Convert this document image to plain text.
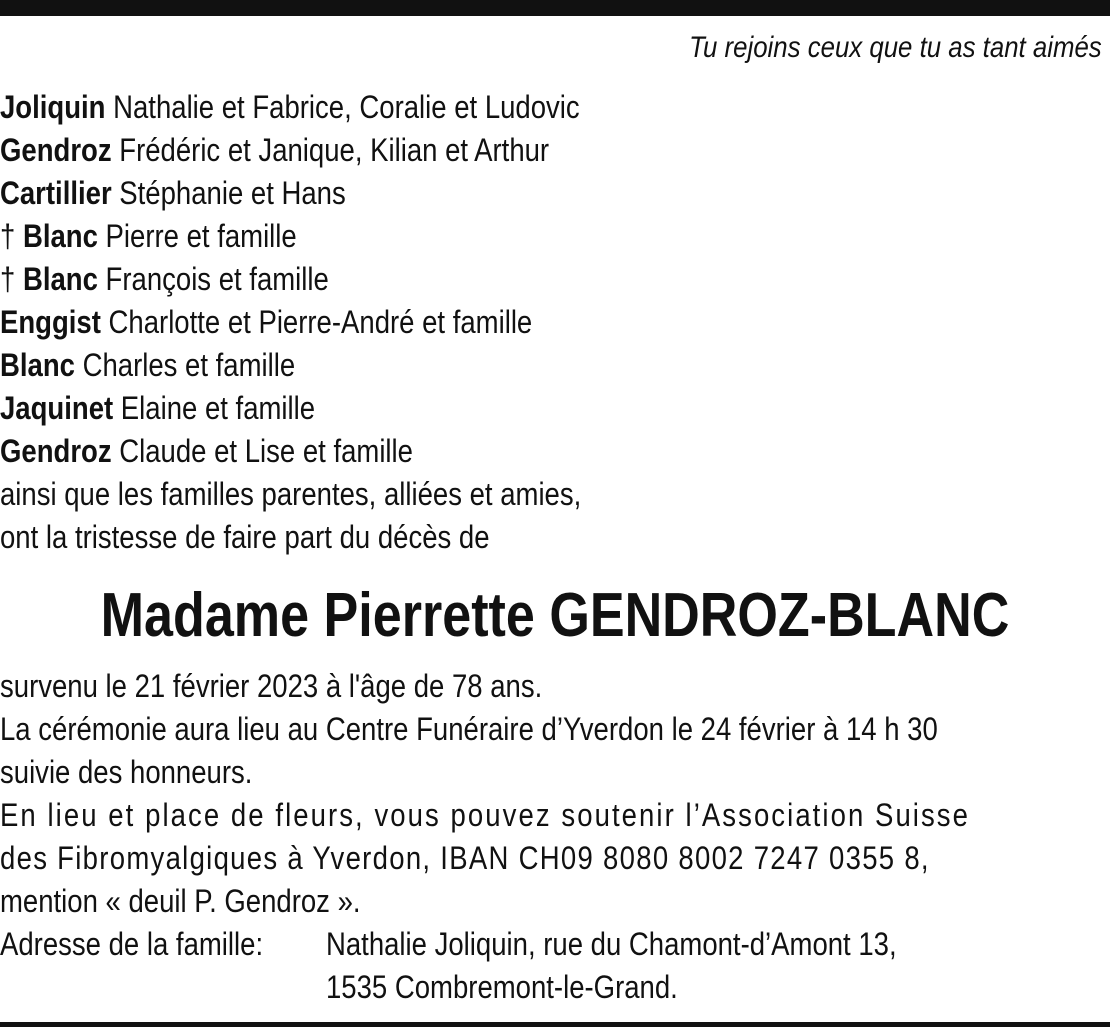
Tu rejoins ceux que tu as tant aimés
Joliquin Nathalie et Fabrice, Coralie et Ludovic
Gendroz Frédéric et Janique, Kilian et Arthur
Cartillier Stéphanie et Hans
† Blanc Pierre et famille
† Blanc François et famille
Enggist Charlotte et Pierre-André et famille
Blanc Charles et famille
Jaquinet Elaine et famille
Gendroz Claude et Lise et famille
ainsi que les familles parentes, alliées et amies,
ont la tristesse de faire part du décès de
Madame Pierrette GENDROZ-BLANC
survenu le 21 février 2023 à l'âge de 78 ans.
La cérémonie aura lieu au Centre Funéraire d’Yverdon le 24 février à 14 h 30
suivie des honneurs.
En lieu et place de fleurs, vous pouvez soutenir l’Association Suisse
des Fibromyalgiques à Yverdon, IBAN CH09 8080 8002 7247 0355 8,
mention « deuil P. Gendroz ».
Adresse de la famille: Nathalie Joliquin, rue du Chamont-d’Amont 13,
1535 Combremont-le-Grand.
